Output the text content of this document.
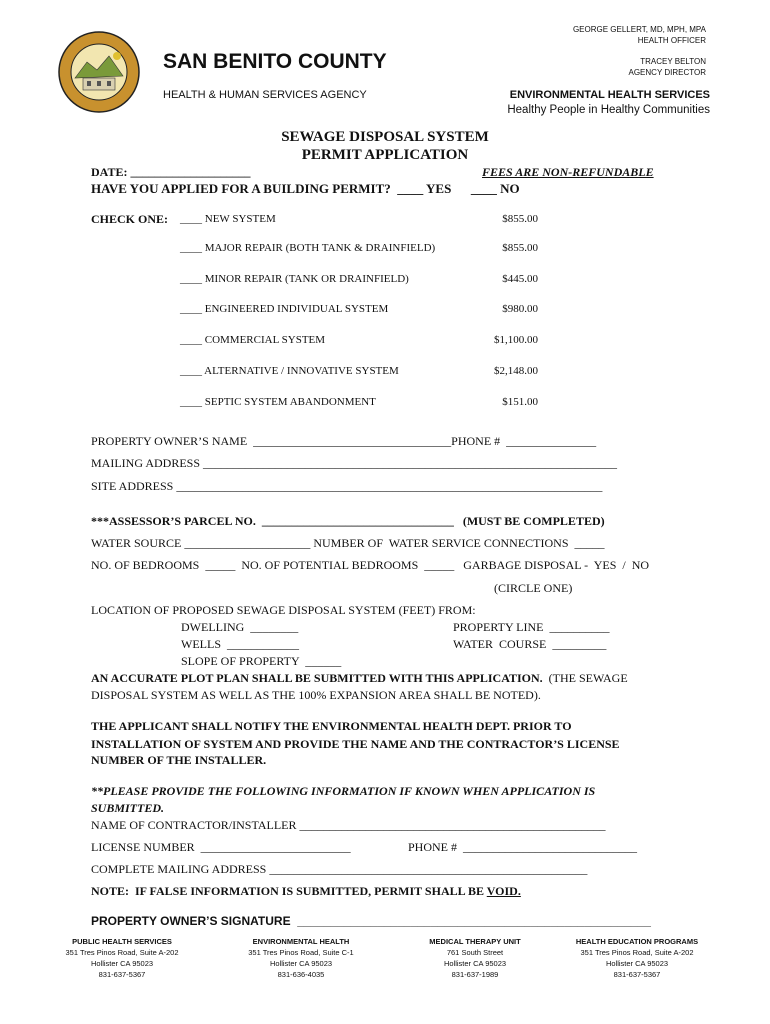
SAN BENITO COUNTY
HEALTH & HUMAN SERVICES AGENCY
GEORGE GELLERT, MD, MPH, MPA
HEALTH OFFICER
TRACEY BELTON
AGENCY DIRECTOR
ENVIRONMENTAL HEALTH SERVICES
Healthy People in Healthy Communities
SEWAGE DISPOSAL SYSTEM
PERMIT APPLICATION
DATE: ____________________	FEES ARE NON-REFUNDABLE
HAVE YOU APPLIED FOR A BUILDING PERMIT?  ____ YES      ____ NO
CHECK ONE: ____ NEW SYSTEM	$855.00
____ MAJOR REPAIR (BOTH TANK & DRAINFIELD)	$855.00
____ MINOR REPAIR (TANK OR DRAINFIELD)	$445.00
____ ENGINEERED INDIVIDUAL SYSTEM	$980.00
____ COMMERCIAL SYSTEM	$1,100.00
____ ALTERNATIVE / INNOVATIVE SYSTEM	$2,148.00
____ SEPTIC SYSTEM ABANDONMENT	$151.00
PROPERTY OWNER’S NAME  _________________________________PHONE #  _______________
MAILING ADDRESS _____________________________________________________________________
SITE ADDRESS _______________________________________________________________________
***ASSESSOR’S PARCEL NO.  ________________________________   (MUST BE COMPLETED)
WATER SOURCE _____________________ NUMBER OF  WATER SERVICE CONNECTIONS  _____
NO. OF BEDROOMS  _____  NO. OF POTENTIAL BEDROOMS  _____   GARBAGE DISPOSAL -  YES  /  NO
(CIRCLE ONE)
LOCATION OF PROPOSED SEWAGE DISPOSAL SYSTEM (FEET) FROM:
DWELLING  ________	PROPERTY LINE  __________
WELLS  ____________	WATER  COURSE  _________
SLOPE OF PROPERTY  ______
AN ACCURATE PLOT PLAN SHALL BE SUBMITTED WITH THIS APPLICATION.  (THE SEWAGE
DISPOSAL SYSTEM AS WELL AS THE 100% EXPANSION AREA SHALL BE NOTED).
THE APPLICANT SHALL NOTIFY THE ENVIRONMENTAL HEALTH DEPT. PRIOR TO
INSTALLATION OF SYSTEM AND PROVIDE THE NAME AND THE CONTRACTOR’S LICENSE
NUMBER OF THE INSTALLER.
**PLEASE PROVIDE THE FOLLOWING INFORMATION IF KNOWN WHEN APPLICATION IS
SUBMITTED.
NAME OF CONTRACTOR/INSTALLER ___________________________________________________
LICENSE NUMBER  _________________________	PHONE #  _____________________________
COMPLETE MAILING ADDRESS _____________________________________________________
NOTE:  IF FALSE INFORMATION IS SUBMITTED, PERMIT SHALL BE VOID.
PROPERTY OWNER’S SIGNATURE  _____________________________________________________
PUBLIC HEALTH SERVICES
351 Tres Pinos Road, Suite A-202
Hollister CA 95023
831-637-5367
ENVIRONMENTAL HEALTH
351 Tres Pinos Road, Suite C-1
Hollister CA 95023
831-636-4035
MEDICAL THERAPY UNIT
761 South Street
Hollister CA 95023
831-637-1989
HEALTH EDUCATION PROGRAMS
351 Tres Pinos Road, Suite A-202
Hollister CA 95023
831-637-5367
